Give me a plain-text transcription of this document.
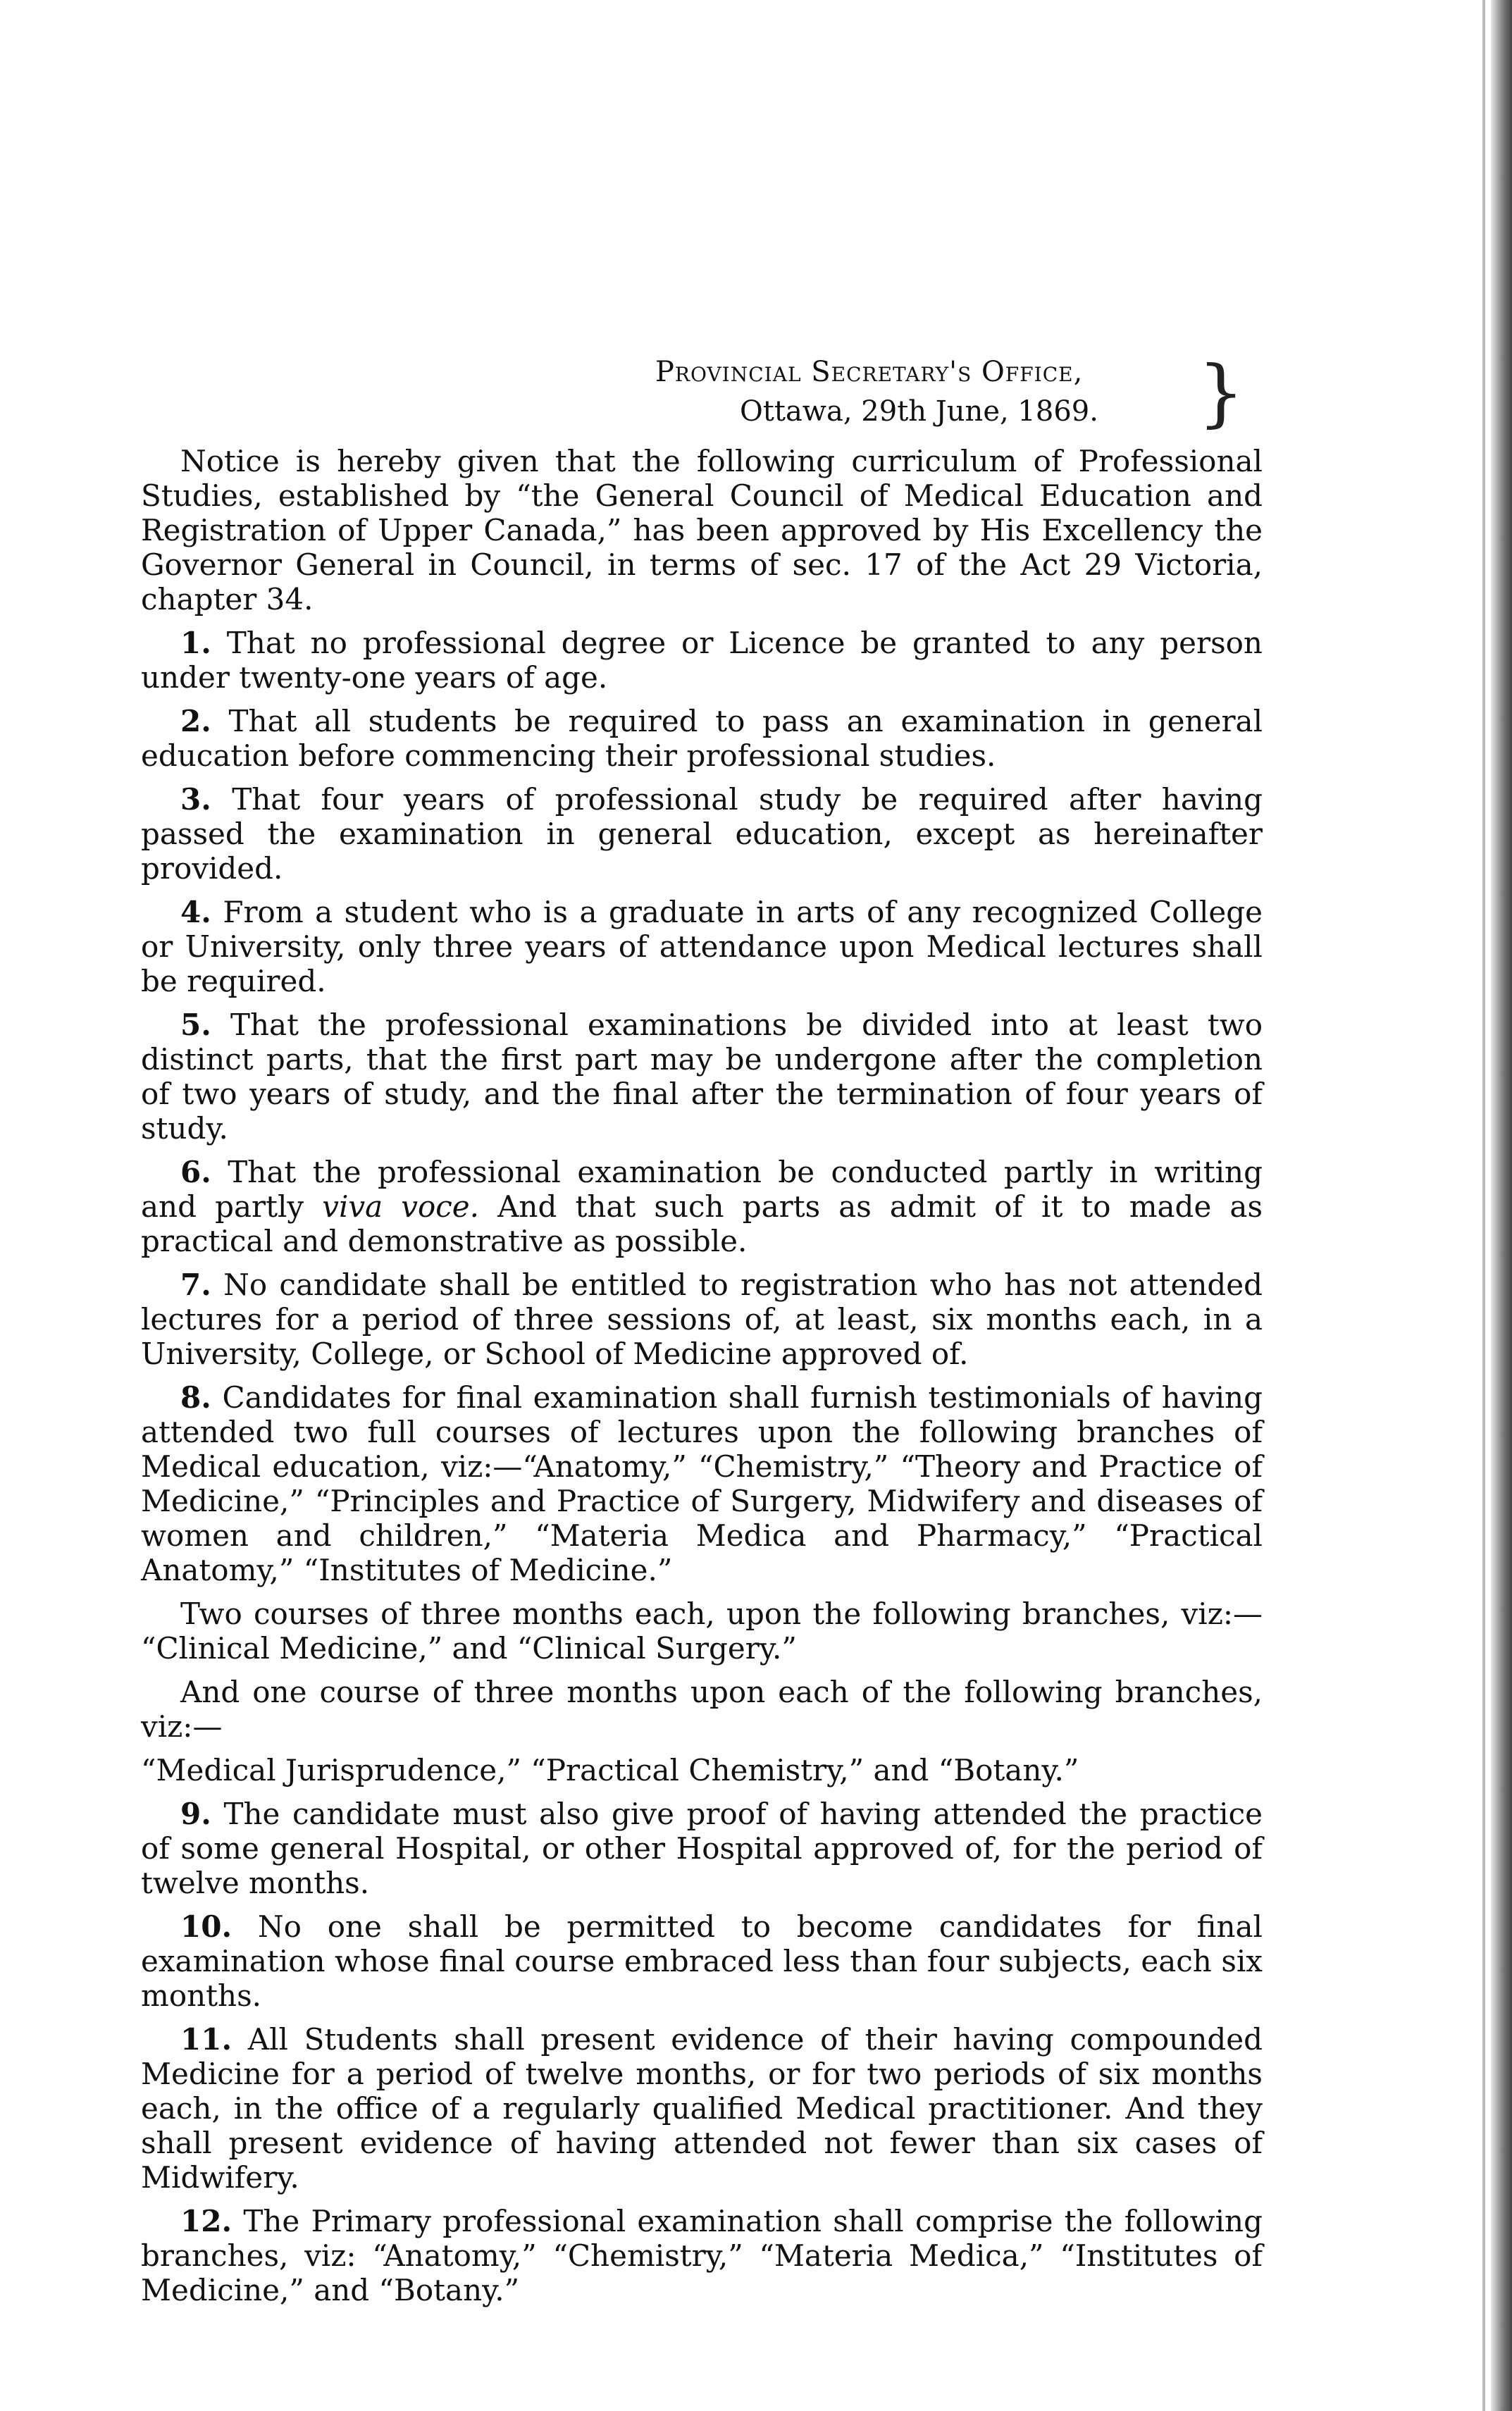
Provincial Secretary's Office,
Ottawa, 29th June, 1869.	}

Notice is hereby given that the following curriculum of Professional Studies, established by “the General Council of Medical Education and Registration of Upper Canada,” has been approved by His Excellency the Governor General in Council, in terms of sec. 17 of the Act 29 Victoria, chapter 34.

1. That no professional degree or Licence be granted to any person under twenty-one years of age.

2. That all students be required to pass an examination in general education before commencing their professional studies.

3. That four years of professional study be required after having passed the examination in general education, except as hereinafter provided.

4. From a student who is a graduate in arts of any recognized College or University, only three years of attendance upon Medical lectures shall be required.

5. That the professional examinations be divided into at least two distinct parts, that the first part may be undergone after the completion of two years of study, and the final after the termination of four years of study.

6. That the professional examination be conducted partly in writing and partly viva voce. And that such parts as admit of it to made as practical and demonstrative as possible.

7. No candidate shall be entitled to registration who has not attended lectures for a period of three sessions of, at least, six months each, in a University, College, or School of Medicine approved of.

8. Candidates for final examination shall furnish testimonials of having attended two full courses of lectures upon the following branches of Medical education, viz:—“Anatomy,” “Chemistry,” “Theory and Practice of Medicine,” “Principles and Practice of Surgery, Midwifery and diseases of women and children,” “Materia Medica and Pharmacy,” “Practical Anatomy,” “Institutes of Medicine.”

Two courses of three months each, upon the following branches, viz:— “Clinical Medicine,” and “Clinical Surgery.”

And one course of three months upon each of the following branches, viz:—

“Medical Jurisprudence,” “Practical Chemistry,” and “Botany.”

9. The candidate must also give proof of having attended the practice of some general Hospital, or other Hospital approved of, for the period of twelve months.

10. No one shall be permitted to become candidates for final examination whose final course embraced less than four subjects, each six months.

11. All Students shall present evidence of their having compounded Medicine for a period of twelve months, or for two periods of six months each, in the office of a regularly qualified Medical practitioner. And they shall present evidence of having attended not fewer than six cases of Midwifery.

12. The Primary professional examination shall comprise the following branches, viz: “Anatomy,” “Chemistry,” “Materia Medica,” “Institutes of Medicine,” and “Botany.”
